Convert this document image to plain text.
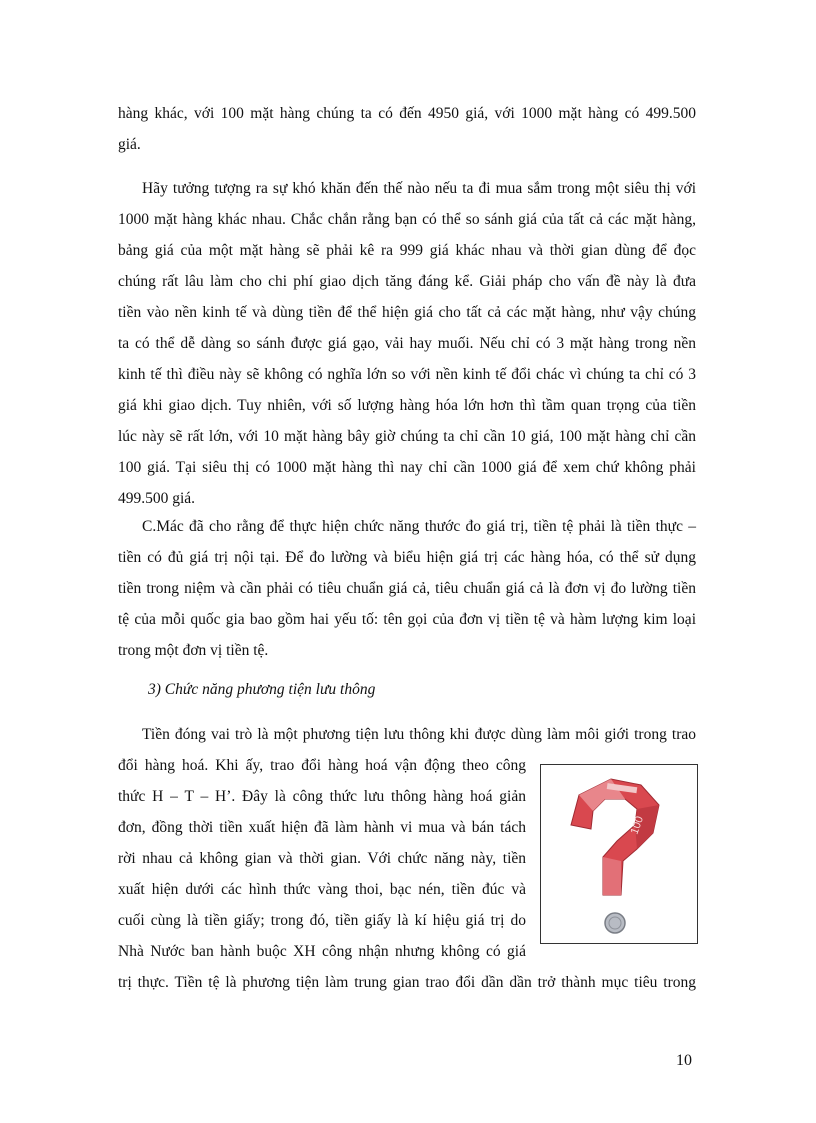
hàng khác, với 100 mặt hàng chúng ta có đến 4950 giá, với 1000 mặt hàng có 499.500
giá.
Hãy tưởng tượng ra sự khó khăn đến thế nào nếu ta đi mua sắm trong một siêu thị với
1000 mặt hàng khác nhau. Chắc chắn rằng bạn có thể so sánh giá của tất cả các mặt hàng,
bảng giá của một mặt hàng sẽ phải kê ra 999 giá khác nhau và thời gian dùng để đọc
chúng rất lâu làm cho chi phí giao dịch tăng đáng kể. Giải pháp cho vấn đề này là đưa
tiền vào nền kinh tế và dùng tiền để thể hiện giá cho tất cả các mặt hàng, như vậy chúng
ta có thể dễ dàng so sánh được giá gạo, vải hay muối. Nếu chỉ có 3 mặt hàng trong nền
kinh tế thì điều này sẽ không có nghĩa lớn so với nền kinh tế đổi chác vì chúng ta chỉ có 3
giá khi giao dịch. Tuy nhiên, với số lượng hàng hóa lớn hơn thì tầm quan trọng của tiền
lúc này sẽ rất lớn, với 10 mặt hàng bây giờ chúng ta chỉ cần 10 giá, 100 mặt hàng chỉ cần
100 giá. Tại siêu thị có 1000 mặt hàng thì nay chỉ cần 1000 giá để xem chứ không phải
499.500 giá.
C.Mác đã cho rằng để thực hiện chức năng thước đo giá trị, tiền tệ phải là tiền thực –
tiền có đủ giá trị nội tại. Để đo lường và biểu hiện giá trị các hàng hóa, có thể sử dụng
tiền trong niệm và cần phải có tiêu chuẩn giá cả, tiêu chuẩn giá cả là đơn vị đo lường tiền
tệ của mỗi quốc gia bao gồm hai yếu tố: tên gọi của đơn vị tiền tệ và hàm lượng kim loại
trong một đơn vị tiền tệ.

3) Chức năng phương tiện lưu thông

Tiền đóng vai trò là một phương tiện lưu thông khi được dùng làm môi giới trong trao
đổi hàng hoá. Khi ấy, trao đổi hàng hoá vận động theo công
thức H – T – H’. Đây là công thức lưu thông hàng hoá giản
đơn, đồng thời tiền xuất hiện đã làm hành vi mua và bán tách
rời nhau cả không gian và thời gian. Với chức năng này, tiền
xuất hiện dưới các hình thức vàng thoi, bạc nén, tiền đúc và
cuối cùng là tiền giấy; trong đó, tiền giấy là kí hiệu giá trị do
Nhà Nước ban hành buộc XH công nhận nhưng không có giá
trị thực. Tiền tệ là phương tiện làm trung gian trao đổi dần dần trở thành mục tiêu trong
100
10
